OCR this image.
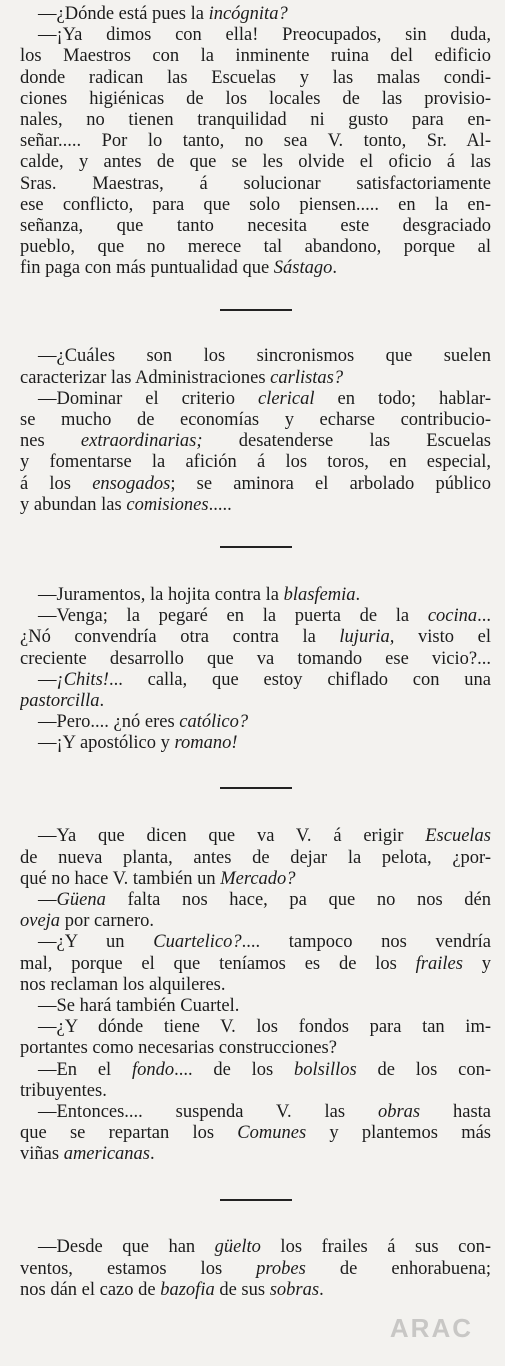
—¿Dónde está pues la incógnita?
—¡Ya dimos con ella! Preocupados, sin duda,
los Maestros con la inminente ruina del edificio
donde radican las Escuelas y las malas condi-
ciones higiénicas de los locales de las provisio-
nales, no tienen tranquilidad ni gusto para en-
señar..... Por lo tanto, no sea V. tonto, Sr. Al-
calde, y antes de que se les olvide el oficio á las
Sras. Maestras, á solucionar satisfactoriamente
ese conflicto, para que solo piensen..... en la en-
señanza, que tanto necesita este desgraciado
pueblo, que no merece tal abandono, porque al
fin paga con más puntualidad que Sástago.
—¿Cuáles son los sincronismos que suelen
caracterizar las Administraciones carlistas?
—Dominar el criterio clerical en todo; hablar-
se mucho de economías y echarse contribucio-
nes extraordinarias; desatenderse las Escuelas
y fomentarse la afición á los toros, en especial,
á los ensogados; se aminora el arbolado público
y abundan las comisiones.....
—Juramentos, la hojita contra la blasfemia.
—Venga; la pegaré en la puerta de la cocina...
¿Nó convendría otra contra la lujuria, visto el
creciente desarrollo que va tomando ese vicio?...
—¡Chits!... calla, que estoy chiflado con una
pastorcilla.
—Pero.... ¿nó eres católico?
—¡Y apostólico y romano!
—Ya que dicen que va V. á erigir Escuelas
de nueva planta, antes de dejar la pelota, ¿por-
qué no hace V. también un Mercado?
—Güena falta nos hace, pa que no nos dén
oveja por carnero.
—¿Y un Cuartelico?.... tampoco nos vendría
mal, porque el que teníamos es de los frailes y
nos reclaman los alquileres.
—Se hará también Cuartel.
—¿Y dónde tiene V. los fondos para tan im-
portantes como necesarias construcciones?
—En el fondo.... de los bolsillos de los con-
tribuyentes.
—Entonces.... suspenda V. las obras hasta
que se repartan los Comunes y plantemos más
viñas americanas.
—Desde que han güelto los frailes á sus con-
ventos, estamos los probes de enhorabuena;
nos dán el cazo de bazofia de sus sobras.
ARAC
